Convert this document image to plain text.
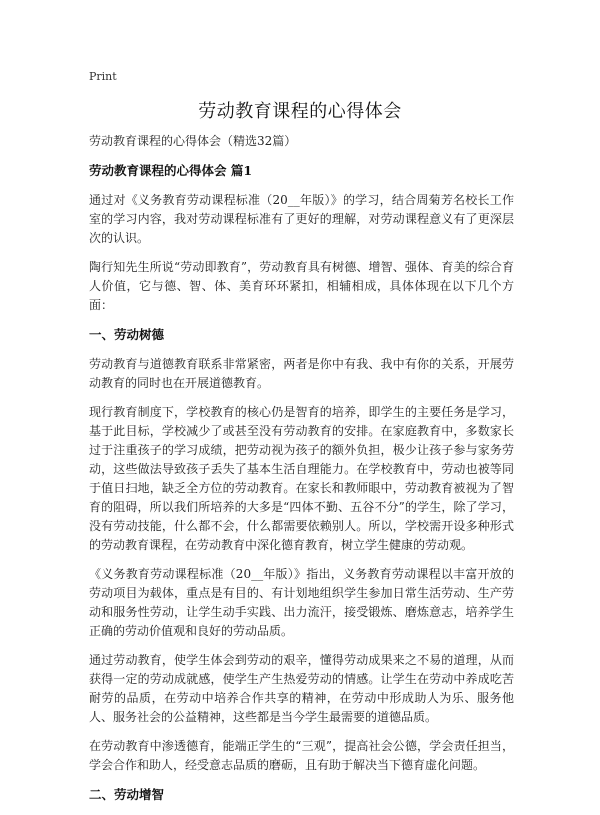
Print
劳动教育课程的心得体会

劳动教育课程的心得体会（精选32篇）

劳动教育课程的心得体会 篇1

通过对《义务教育劳动课程标准（20__年版）》的学习，结合周菊芳名校长工作室的学习内容，我对劳动课程标准有了更好的理解，对劳动课程意义有了更深层次的认识。

陶行知先生所说“劳动即教育”，劳动教育具有树德、增智、强体、育美的综合育人价值，它与德、智、体、美育环环紧扣，相辅相成，具体体现在以下几个方面：

一、劳动树德

劳动教育与道德教育联系非常紧密，两者是你中有我、我中有你的关系，开展劳动教育的同时也在开展道德教育。

现行教育制度下，学校教育的核心仍是智育的培养，即学生的主要任务是学习，基于此目标，学校减少了或甚至没有劳动教育的安排。在家庭教育中，多数家长过于注重孩子的学习成绩，把劳动视为孩子的额外负担，极少让孩子参与家务劳动，这些做法导致孩子丢失了基本生活自理能力。在学校教育中，劳动也被等同于值日扫地，缺乏全方位的劳动教育。在家长和教师眼中，劳动教育被视为了智育的阻碍，所以我们所培养的大多是“四体不勤、五谷不分”的学生，除了学习，没有劳动技能，什么都不会，什么都需要依赖别人。所以，学校需开设多种形式的劳动教育课程，在劳动教育中深化德育教育，树立学生健康的劳动观。

《义务教育劳动课程标准（20__年版）》指出，义务教育劳动课程以丰富开放的劳动项目为载体，重点是有目的、有计划地组织学生参加日常生活劳动、生产劳动和服务性劳动，让学生动手实践、出力流汗，接受锻炼、磨炼意志，培养学生正确的劳动价值观和良好的劳动品质。

通过劳动教育，使学生体会到劳动的艰辛，懂得劳动成果来之不易的道理，从而获得一定的劳动成就感，使学生产生热爱劳动的情感。让学生在劳动中养成吃苦耐劳的品质，在劳动中培养合作共享的精神，在劳动中形成助人为乐、服务他人、服务社会的公益精神，这些都是当今学生最需要的道德品质。

在劳动教育中渗透德育，能端正学生的“三观”，提高社会公德，学会责任担当，学会合作和助人，经受意志品质的磨砺，且有助于解决当下德育虚化问题。

二、劳动增智
